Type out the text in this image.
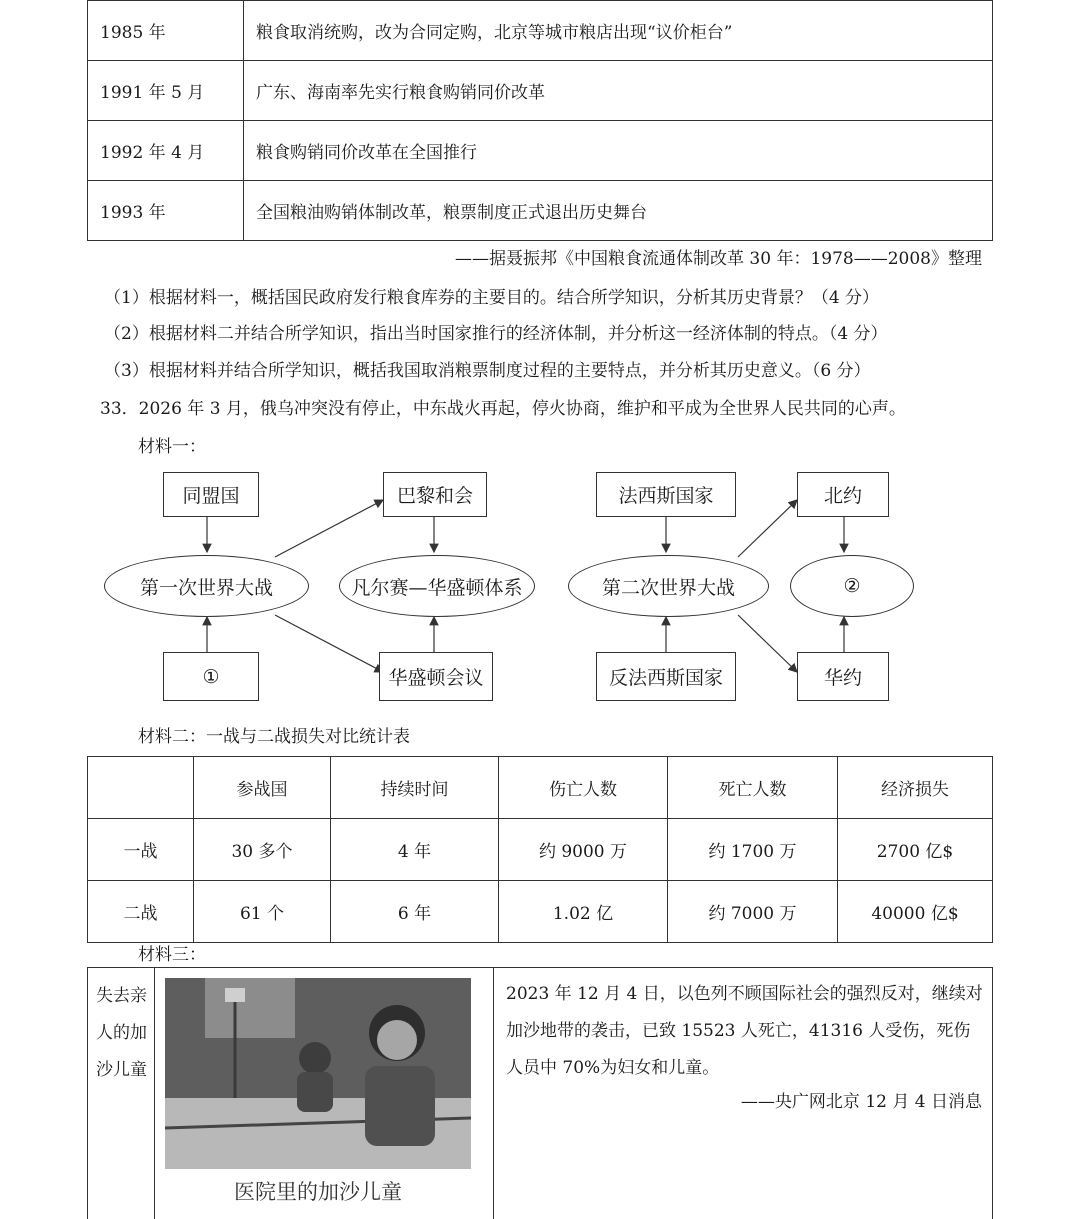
1985 年	粮食取消统购，改为合同定购，北京等城市粮店出现“议价柜台”
1991 年 5 月	广东、海南率先实行粮食购销同价改革
1992 年 4 月	粮食购销同价改革在全国推行
1993 年	全国粮油购销体制改革，粮票制度正式退出历史舞台
——据聂振邦《中国粮食流通体制改革 30 年：1978——2008》整理
（1）根据材料一，概括国民政府发行粮食库券的主要目的。结合所学知识，分析其历史背景？（4 分）
（2）根据材料二并结合所学知识，指出当时国家推行的经济体制，并分析这一经济体制的特点。（4 分）
（3）根据材料并结合所学知识，概括我国取消粮票制度过程的主要特点，并分析其历史意义。（6 分）
33．2026 年 3 月，俄乌冲突没有停止，中东战火再起，停火协商，维护和平成为全世界人民共同的心声。
材料一：
同盟国
①
第一次世界大战
巴黎和会
凡尔赛—华盛顿体系
华盛顿会议
法西斯国家
第二次世界大战
反法西斯国家
北约
②
华约
材料二：一战与二战损失对比统计表
	参战国	持续时间	伤亡人数	死亡人数	经济损失
一战	30 多个	4 年	约 9000 万	约 1700 万	2700 亿$
二战	61 个	6 年	1.02 亿	约 7000 万	40000 亿$
材料三：
失去亲人的加沙儿童
医院里的加沙儿童
2023 年 12 月 4 日，以色列不顾国际社会的强烈反对，继续对加沙地带的袭击，已致 15523 人死亡，41316 人受伤，死伤人员中 70%为妇女和儿童。
——央广网北京 12 月 4 日消息
